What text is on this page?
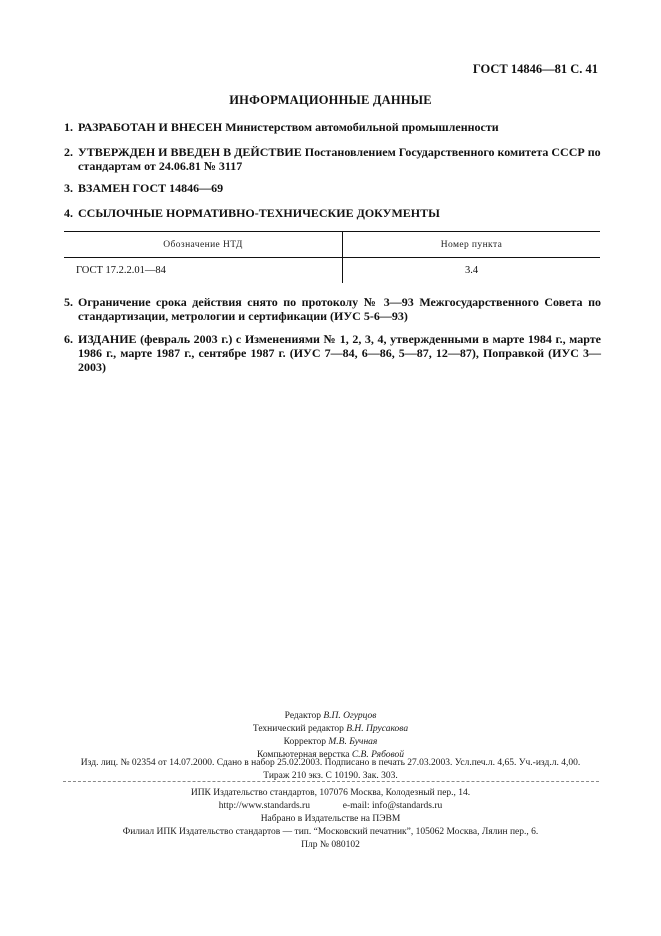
ГОСТ 14846—81 С. 41
ИНФОРМАЦИОННЫЕ ДАННЫЕ
1. РАЗРАБОТАН И ВНЕСЕН Министерством автомобильной промышленности
2. УТВЕРЖДЕН И ВВЕДЕН В ДЕЙСТВИЕ Постановлением Государственного комитета СССР по стандартам от 24.06.81 № 3117
3. ВЗАМЕН ГОСТ 14846—69
4. ССЫЛОЧНЫЕ НОРМАТИВНО-ТЕХНИЧЕСКИЕ ДОКУМЕНТЫ
Обозначение НТД	Номер пункта
ГОСТ 17.2.2.01—84	3.4
5. Ограничение срока действия снято по протоколу № 3—93 Межгосударственного Совета по стандартизации, метрологии и сертификации (ИУС 5-6—93)
6. ИЗДАНИЕ (февраль 2003 г.) с Изменениями № 1, 2, 3, 4, утвержденными в марте 1984 г., марте 1986 г., марте 1987 г., сентябре 1987 г. (ИУС 7—84, 6—86, 5—87, 12—87), Поправкой (ИУС 3—2003)
Редактор В.П. Огурцов
Технический редактор В.Н. Прусакова
Корректор М.В. Бучная
Компьютерная верстка С.В. Рябовой
Изд. лиц. № 02354 от 14.07.2000. Сдано в набор 25.02.2003. Подписано в печать 27.03.2003. Усл.печ.л. 4,65. Уч.-изд.л. 4,00.
Тираж 210 экз. С 10190. Зак. 303.
ИПК Издательство стандартов, 107076 Москва, Колодезный пер., 14.
http://www.standards.ru	e-mail: info@standards.ru
Набрано в Издательстве на ПЭВМ
Филиал ИПК Издательство стандартов — тип. “Московский печатник”, 105062 Москва, Лялин пер., 6.
Плр № 080102
